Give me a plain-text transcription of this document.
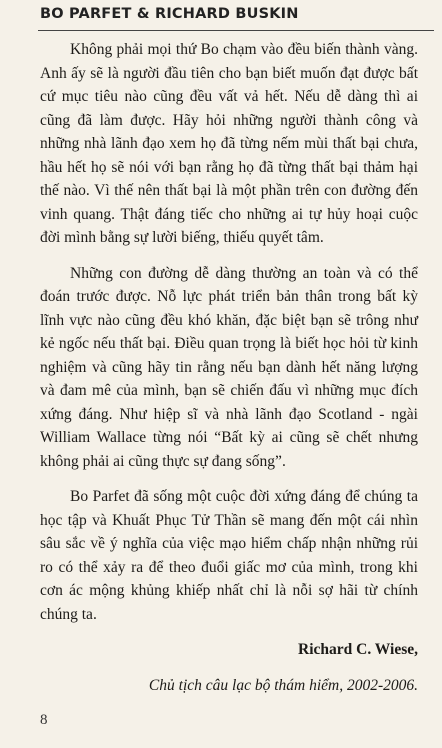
BO PARFET & RICHARD BUSKIN

Không phải mọi thứ Bo chạm vào đều biến thành vàng. Anh ấy sẽ là người đầu tiên cho bạn biết muốn đạt được bất cứ mục tiêu nào cũng đều vất vả hết. Nếu dễ dàng thì ai cũng đã làm được. Hãy hỏi những người thành công và những nhà lãnh đạo xem họ đã từng nếm mùi thất bại chưa, hầu hết họ sẽ nói với bạn rằng họ đã từng thất bại thảm hại thế nào. Vì thế nên thất bại là một phần trên con đường đến vinh quang. Thật đáng tiếc cho những ai tự hủy hoại cuộc đời mình bằng sự lười biếng, thiếu quyết tâm.

Những con đường dễ dàng thường an toàn và có thể đoán trước được. Nỗ lực phát triển bản thân trong bất kỳ lĩnh vực nào cũng đều khó khăn, đặc biệt bạn sẽ trông như kẻ ngốc nếu thất bại. Điều quan trọng là biết học hỏi từ kinh nghiệm và cũng hãy tin rằng nếu bạn dành hết năng lượng và đam mê của mình, bạn sẽ chiến đấu vì những mục đích xứng đáng. Như hiệp sĩ và nhà lãnh đạo Scotland - ngài William Wallace từng nói “Bất kỳ ai cũng sẽ chết nhưng không phải ai cũng thực sự đang sống”.

Bo Parfet đã sống một cuộc đời xứng đáng để chúng ta học tập và Khuất Phục Tử Thần sẽ mang đến một cái nhìn sâu sắc về ý nghĩa của việc mạo hiểm chấp nhận những rủi ro có thể xảy ra để theo đuổi giấc mơ của mình, trong khi cơn ác mộng khủng khiếp nhất chỉ là nỗi sợ hãi từ chính chúng ta.

Richard C. Wiese,

Chủ tịch câu lạc bộ thám hiểm, 2002-2006.

8
